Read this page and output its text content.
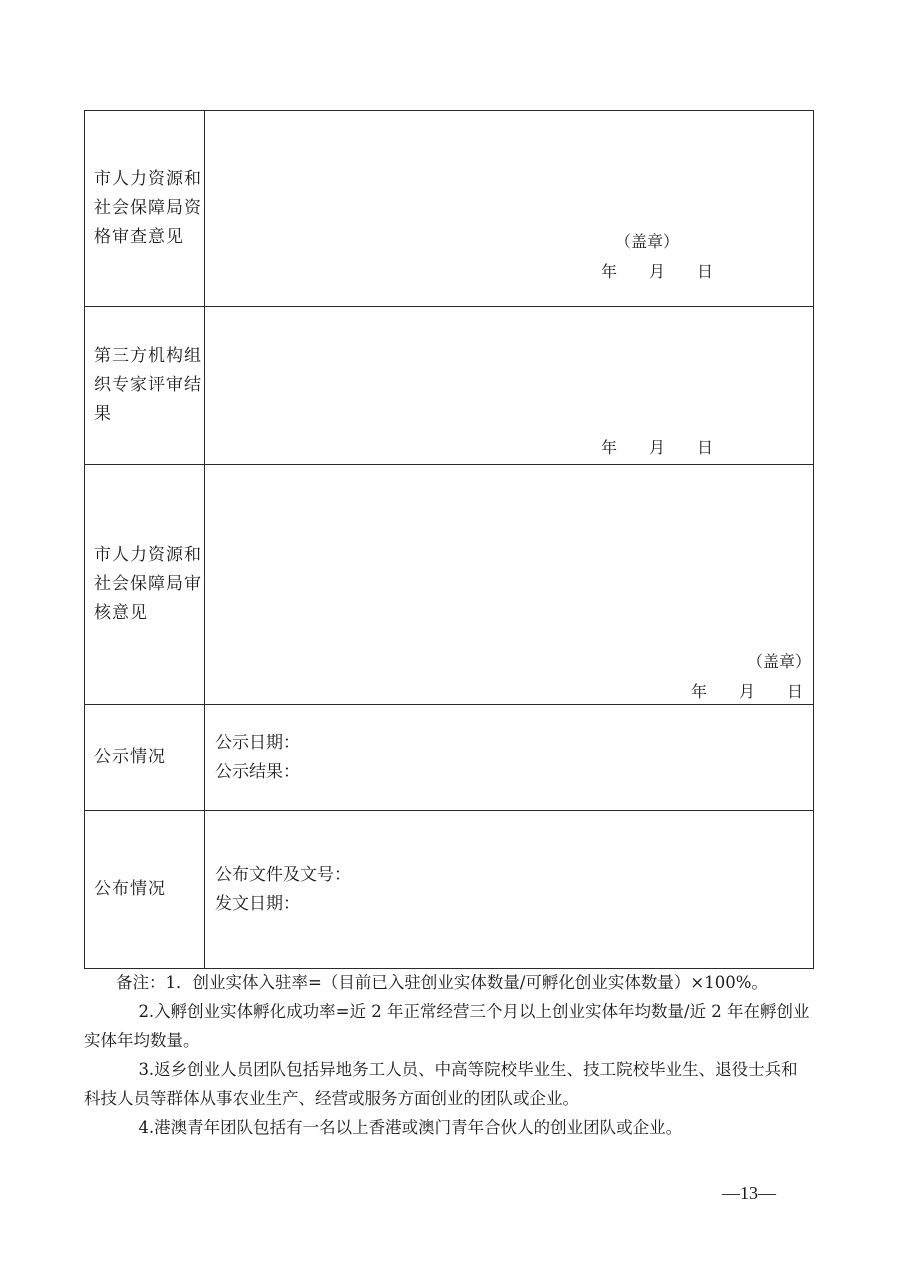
市人力资源和社会保障局资格审查意见	（盖章）
年　　月　　日

第三方机构组织专家评审结果	年　　月　　日

市人力资源和社会保障局审核意见	（盖章）
年　　月　　日

公示情况	公示日期：
公示结果：

公布情况	公布文件及文号：
发文日期：

备注：1．创业实体入驻率=（目前已入驻创业实体数量/可孵化创业实体数量）×100%。

2.入孵创业实体孵化成功率=近 2 年正常经营三个月以上创业实体年均数量/近 2 年在孵创业实体年均数量。

3.返乡创业人员团队包括异地务工人员、中高等院校毕业生、技工院校毕业生、退役士兵和科技人员等群体从事农业生产、经营或服务方面创业的团队或企业。

4.港澳青年团队包括有一名以上香港或澳门青年合伙人的创业团队或企业。

—13—
